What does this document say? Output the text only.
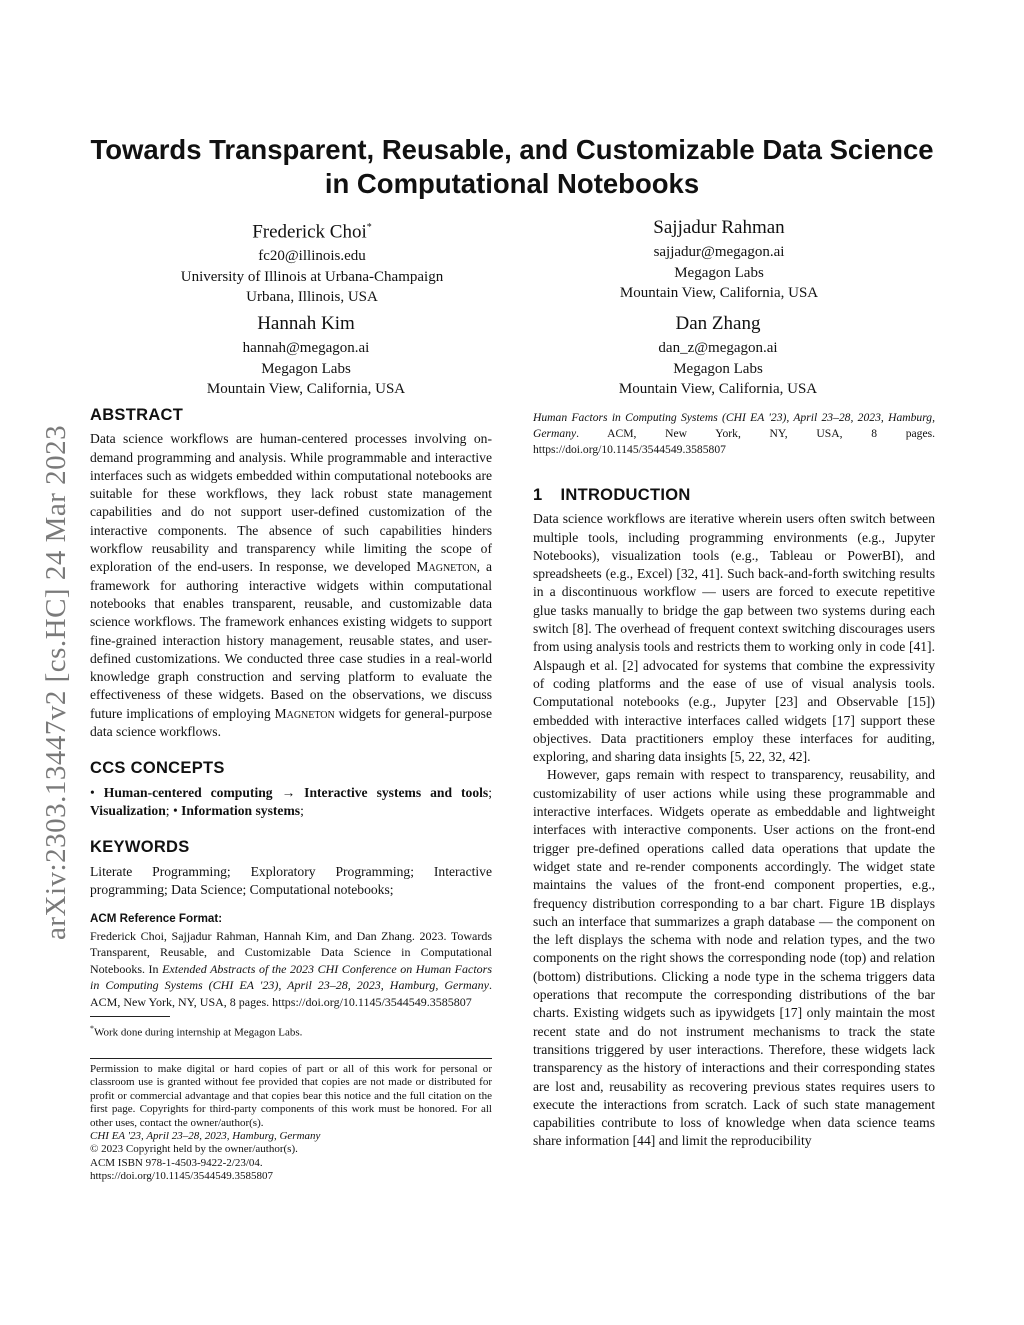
arXiv:2303.13447v2 [cs.HC] 24 Mar 2023
Towards Transparent, Reusable, and Customizable Data Science
in Computational Notebooks
Frederick Choi*
fc20@illinois.edu
University of Illinois at Urbana-Champaign
Urbana, Illinois, USA
Sajjadur Rahman
sajjadur@megagon.ai
Megagon Labs
Mountain View, California, USA
Hannah Kim
hannah@megagon.ai
Megagon Labs
Mountain View, California, USA
Dan Zhang
dan_z@megagon.ai
Megagon Labs
Mountain View, California, USA
ABSTRACT

Data science workflows are human-centered processes involving on-demand programming and analysis. While programmable and interactive interfaces such as widgets embedded within computational notebooks are suitable for these workflows, they lack robust state management capabilities and do not support user-defined customization of the interactive components. The absence of such capabilities hinders workflow reusability and transparency while limiting the scope of exploration of the end-users. In response, we developed Magneton, a framework for authoring interactive widgets within computational notebooks that enables transparent, reusable, and customizable data science workflows. The framework enhances existing widgets to support fine-grained interaction history management, reusable states, and user-defined customizations. We conducted three case studies in a real-world knowledge graph construction and serving platform to evaluate the effectiveness of these widgets. Based on the observations, we discuss future implications of employing Magneton widgets for general-purpose data science workflows.

CCS CONCEPTS

• Human-centered computing → Interactive systems and tools; Visualization; • Information systems;

KEYWORDS

Literate Programming; Exploratory Programming; Interactive programming; Data Science; Computational notebooks;

ACM Reference Format:

Frederick Choi, Sajjadur Rahman, Hannah Kim, and Dan Zhang. 2023. Towards Transparent, Reusable, and Customizable Data Science in Computational Notebooks. In Extended Abstracts of the 2023 CHI Conference on Human Factors in Computing Systems (CHI EA '23), April 23–28, 2023, Hamburg, Germany. ACM, New York, NY, USA, 8 pages. https://doi.org/10.1145/3544549.3585807

*Work done during internship at Megagon Labs.

Permission to make digital or hard copies of part or all of this work for personal or classroom use is granted without fee provided that copies are not made or distributed for profit or commercial advantage and that copies bear this notice and the full citation on the first page. Copyrights for third-party components of this work must be honored. For all other uses, contact the owner/author(s).

CHI EA '23, April 23–28, 2023, Hamburg, Germany
© 2023 Copyright held by the owner/author(s).
ACM ISBN 978-1-4503-9422-2/23/04.
https://doi.org/10.1145/3544549.3585807
Human Factors in Computing Systems (CHI EA '23), April 23–28, 2023, Hamburg, Germany. ACM, New York, NY, USA, 8 pages. https://doi.org/10.1145/3544549.3585807
1 INTRODUCTION

Data science workflows are iterative wherein users often switch between multiple tools, including programming environments (e.g., Jupyter Notebooks), visualization tools (e.g., Tableau or PowerBI), and spreadsheets (e.g., Excel) [32, 41]. Such back-and-forth switching results in a discontinuous workflow — users are forced to execute repetitive glue tasks manually to bridge the gap between two systems during each switch [8]. The overhead of frequent context switching discourages users from using analysis tools and restricts them to working only in code [41]. Alspaugh et al. [2] advocated for systems that combine the expressivity of coding platforms and the ease of use of visual analysis tools. Computational notebooks (e.g., Jupyter [23] and Observable [15]) embedded with interactive interfaces called widgets [17] support these objectives. Data practitioners employ these interfaces for auditing, exploring, and sharing data insights [5, 22, 32, 42].

However, gaps remain with respect to transparency, reusability, and customizability of user actions while using these programmable and interactive interfaces. Widgets operate as embeddable and lightweight interfaces with interactive components. User actions on the front-end trigger pre-defined operations called data operations that update the widget state and re-render components accordingly. The widget state maintains the values of the front-end component properties, e.g., frequency distribution corresponding to a bar chart. Figure 1B displays such an interface that summarizes a graph database — the component on the left displays the schema with node and relation types, and the two components on the right shows the corresponding node (top) and relation (bottom) distributions. Clicking a node type in the schema triggers data operations that recompute the corresponding distributions of the bar charts. Existing widgets such as ipywidgets [17] only maintain the most recent state and do not instrument mechanisms to track the state transitions triggered by user interactions. Therefore, these widgets lack transparency as the history of interactions and their corresponding states are lost and, reusability as recovering previous states requires users to execute the interactions from scratch. Lack of such state management capabilities contribute to loss of knowledge when data science teams share information [44] and limit the reproducibility
